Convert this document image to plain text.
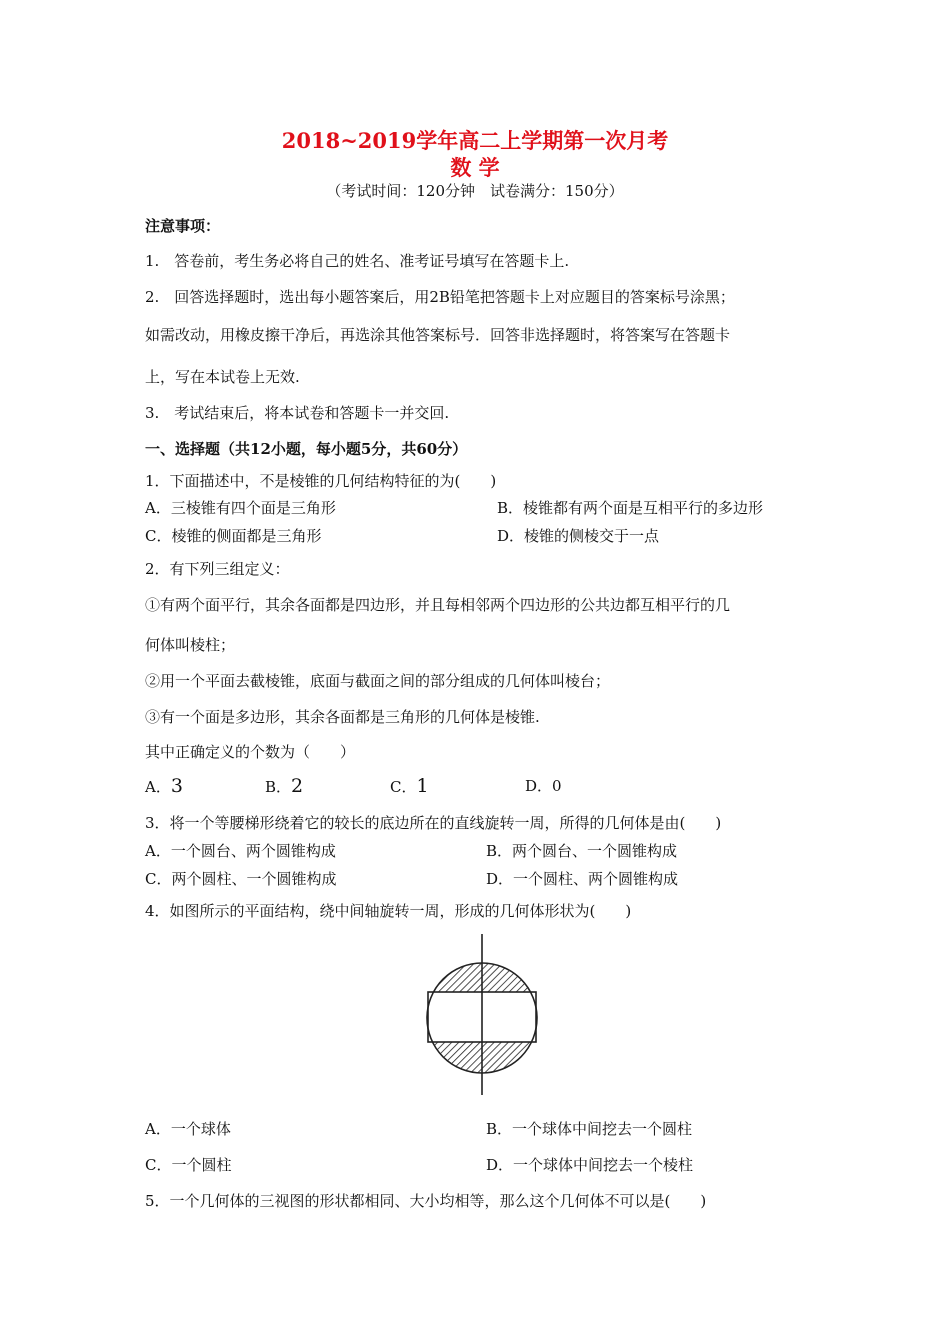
2018~2019学年高二上学期第一次月考
数 学
（考试时间：120分钟　试卷满分：150分）
注意事项：
1.　答卷前，考生务必将自己的姓名、准考证号填写在答题卡上.
2.　回答选择题时，选出每小题答案后，用2B铅笔把答题卡上对应题目的答案标号涂黑；
如需改动，用橡皮擦干净后，再选涂其他答案标号．回答非选择题时，将答案写在答题卡
上，写在本试卷上无效.
3.　考试结束后，将本试卷和答题卡一并交回.
一、选择题（共12小题，每小题5分，共60分）
1．下面描述中，不是棱锥的几何结构特征的为(　　)
A．三棱锥有四个面是三角形	B．棱锥都有两个面是互相平行的多边形
C．棱锥的侧面都是三角形	D．棱锥的侧棱交于一点
2．有下列三组定义：
①有两个面平行，其余各面都是四边形，并且每相邻两个四边形的公共边都互相平行的几
何体叫棱柱；
②用一个平面去截棱锥，底面与截面之间的部分组成的几何体叫棱台；
③有一个面是多边形，其余各面都是三角形的几何体是棱锥.
其中正确定义的个数为（　　）
A．3	B．2	C．1	D．0
3．将一个等腰梯形绕着它的较长的底边所在的直线旋转一周，所得的几何体是由(　　)
A．一个圆台、两个圆锥构成	B．两个圆台、一个圆锥构成
C．两个圆柱、一个圆锥构成	D．一个圆柱、两个圆锥构成
4．如图所示的平面结构，绕中间轴旋转一周，形成的几何体形状为(　　)
A．一个球体	B．一个球体中间挖去一个圆柱
C．一个圆柱	D．一个球体中间挖去一个棱柱
5．一个几何体的三视图的形状都相同、大小均相等，那么这个几何体不可以是(　　)
